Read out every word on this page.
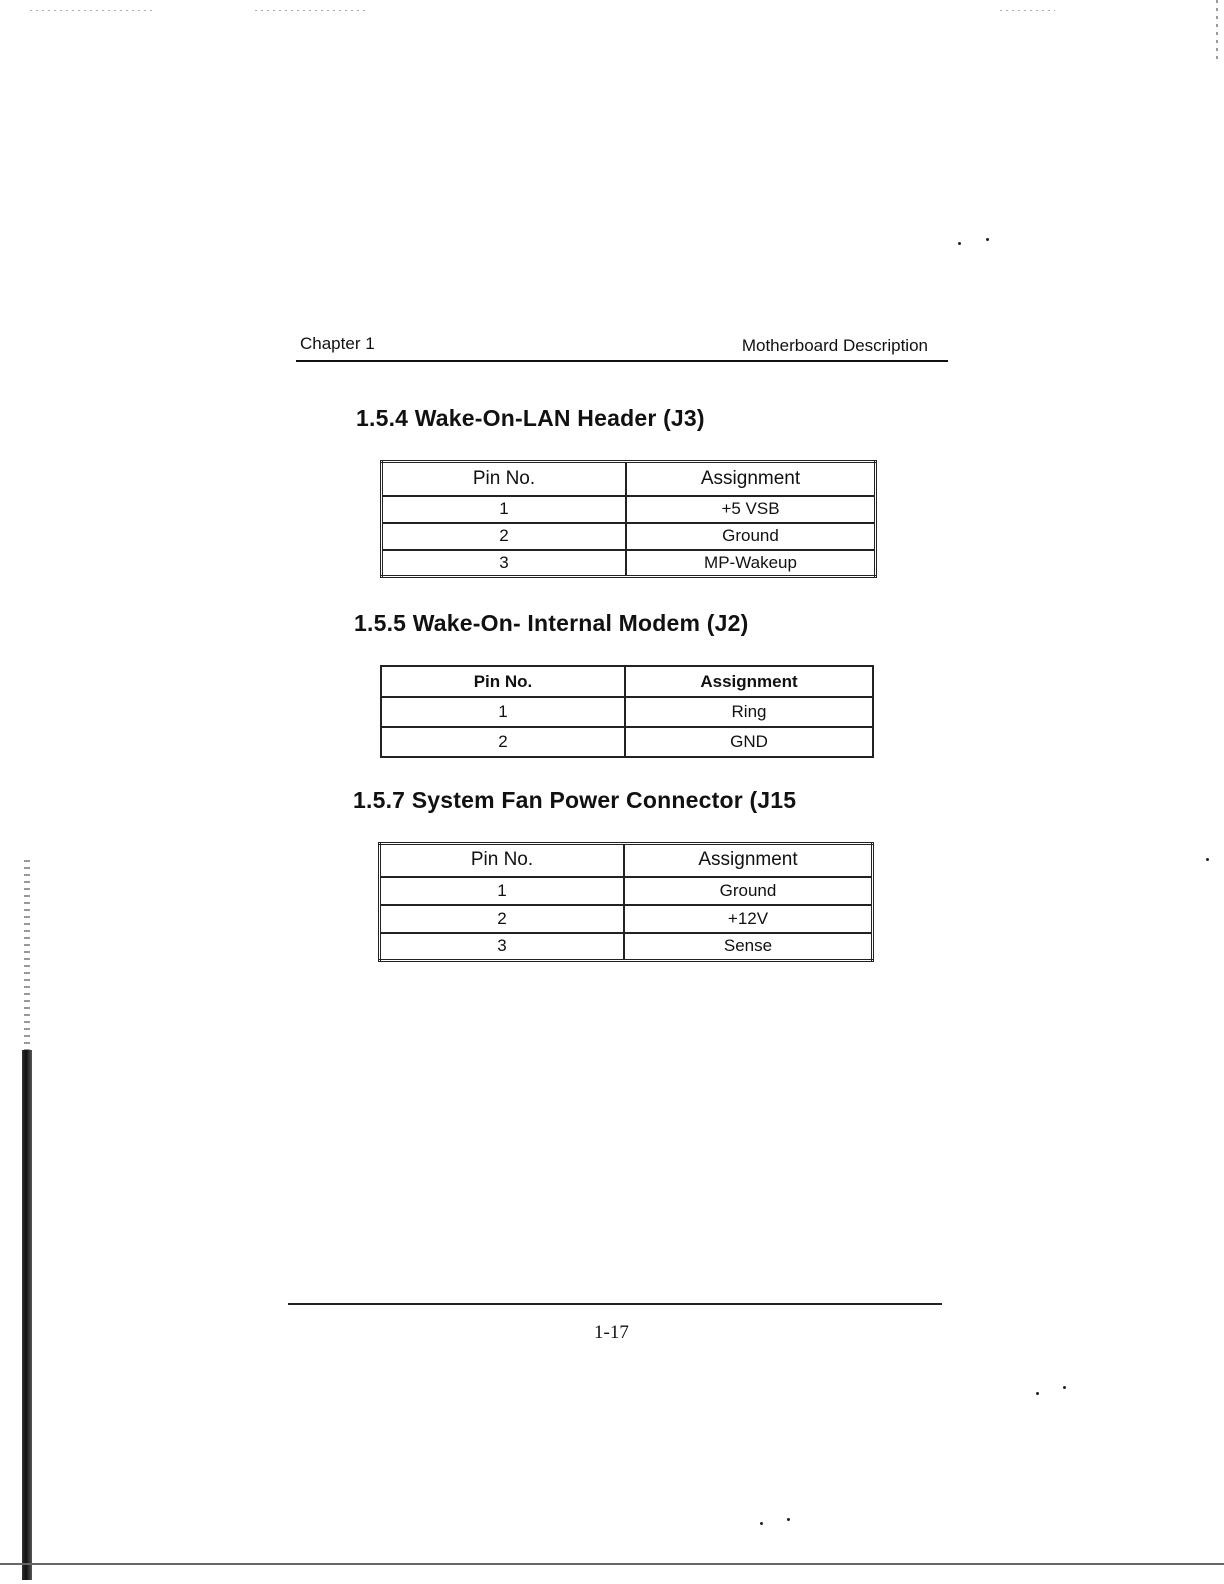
Chapter 1	Motherboard Description
1.5.4 Wake-On-LAN Header (J3)
Pin No.	Assignment
1	+5 VSB
2	Ground
3	MP-Wakeup
1.5.5 Wake-On- Internal Modem (J2)
Pin No.	Assignment
1	Ring
2	GND
1.5.7 System Fan Power Connector (J15
Pin No.	Assignment
1	Ground
2	+12V
3	Sense
1-17
